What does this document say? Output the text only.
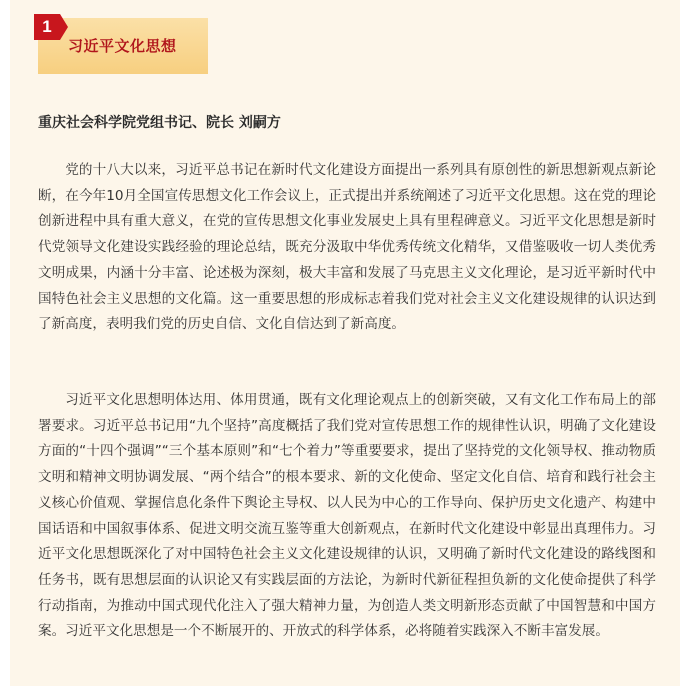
1
习近平文化思想
重庆社会科学院党组书记、院长 刘嗣方

党的十八大以来，习近平总书记在新时代文化建设方面提出一系列具有原创性的新思想新观点新论断，在今年10月全国宣传思想文化工作会议上，正式提出并系统阐述了习近平文化思想。这在党的理论创新进程中具有重大意义，在党的宣传思想文化事业发展史上具有里程碑意义。习近平文化思想是新时代党领导文化建设实践经验的理论总结，既充分汲取中华优秀传统文化精华，又借鉴吸收一切人类优秀文明成果，内涵十分丰富、论述极为深刻，极大丰富和发展了马克思主义文化理论，是习近平新时代中国特色社会主义思想的文化篇。这一重要思想的形成标志着我们党对社会主义文化建设规律的认识达到了新高度，表明我们党的历史自信、文化自信达到了新高度。

习近平文化思想明体达用、体用贯通，既有文化理论观点上的创新突破，又有文化工作布局上的部署要求。习近平总书记用“九个坚持”高度概括了我们党对宣传思想工作的规律性认识，明确了文化建设方面的“十四个强调”“三个基本原则”和“七个着力”等重要要求，提出了坚持党的文化领导权、推动物质文明和精神文明协调发展、“两个结合”的根本要求、新的文化使命、坚定文化自信、培育和践行社会主义核心价值观、掌握信息化条件下舆论主导权、以人民为中心的工作导向、保护历史文化遗产、构建中国话语和中国叙事体系、促进文明交流互鉴等重大创新观点，在新时代文化建设中彰显出真理伟力。习近平文化思想既深化了对中国特色社会主义文化建设规律的认识，又明确了新时代文化建设的路线图和任务书，既有思想层面的认识论又有实践层面的方法论，为新时代新征程担负新的文化使命提供了科学行动指南，为推动中国式现代化注入了强大精神力量，为创造人类文明新形态贡献了中国智慧和中国方案。习近平文化思想是一个不断展开的、开放式的科学体系，必将随着实践深入不断丰富发展。
